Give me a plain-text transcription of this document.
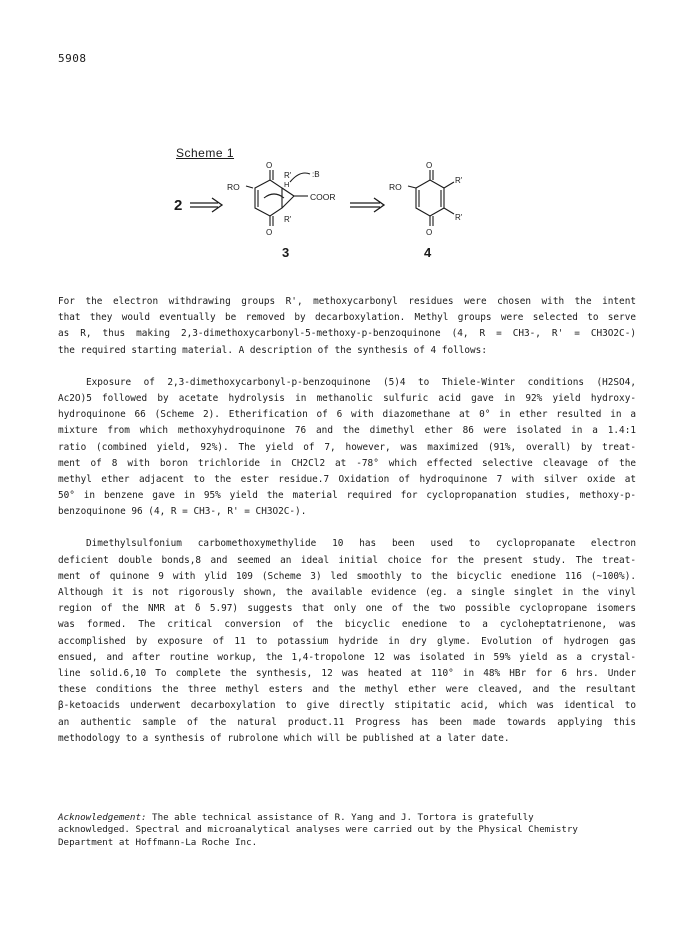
5908
Scheme 1
2
RO
O
O
R'
H
:B
COOR
R'
3
RO
O
O
R'
R'
4
For the electron withdrawing groups R', methoxycarbonyl residues were chosen with the intent
that they would eventually be removed by decarboxylation. Methyl groups were selected to serve
as R, thus making 2,3-dimethoxycarbonyl-5-methoxy-p-benzoquinone (4, R = CH3-, R' = CH3O2C-)
the required starting material. A description of the synthesis of 4 follows:
Exposure of 2,3-dimethoxycarbonyl-p-benzoquinone (5)4 to Thiele-Winter conditions (H2SO4,
Ac2O)5 followed by acetate hydrolysis in methanolic sulfuric acid gave in 92% yield hydroxy-
hydroquinone 66 (Scheme 2). Etherification of 6 with diazomethane at 0° in ether resulted in a
mixture from which methoxyhydroquinone 76 and the dimethyl ether 86 were isolated in a 1.4:1
ratio (combined yield, 92%). The yield of 7, however, was maximized (91%, overall) by treat-
ment of 8 with boron trichloride in CH2Cl2 at -78° which effected selective cleavage of the
methyl ether adjacent to the ester residue.7 Oxidation of hydroquinone 7 with silver oxide at
50° in benzene gave in 95% yield the material required for cyclopropanation studies, methoxy-p-
benzoquinone 96 (4, R = CH3-, R' = CH3O2C-).
Dimethylsulfonium carbomethoxymethylide 10 has been used to cyclopropanate electron
deficient double bonds,8 and seemed an ideal initial choice for the present study. The treat-
ment of quinone 9 with ylid 109 (Scheme 3) led smoothly to the bicyclic enedione 116 (~100%).
Although it is not rigorously shown, the available evidence (eg. a single singlet in the vinyl
region of the NMR at δ 5.97) suggests that only one of the two possible cyclopropane isomers
was formed. The critical conversion of the bicyclic enedione to a cycloheptatrienone, was
accomplished by exposure of 11 to potassium hydride in dry glyme. Evolution of hydrogen gas
ensued, and after routine workup, the 1,4-tropolone 12 was isolated in 59% yield as a crystal-
line solid.6,10 To complete the synthesis, 12 was heated at 110° in 48% HBr for 6 hrs. Under
these conditions the three methyl esters and the methyl ether were cleaved, and the resultant
β-ketoacids underwent decarboxylation to give directly stipitatic acid, which was identical to
an authentic sample of the natural product.11 Progress has been made towards applying this
methodology to a synthesis of rubrolone which will be published at a later date.
Acknowledgement: The able technical assistance of R. Yang and J. Tortora is gratefully
acknowledged. Spectral and microanalytical analyses were carried out by the Physical Chemistry
Department at Hoffmann-La Roche Inc.
